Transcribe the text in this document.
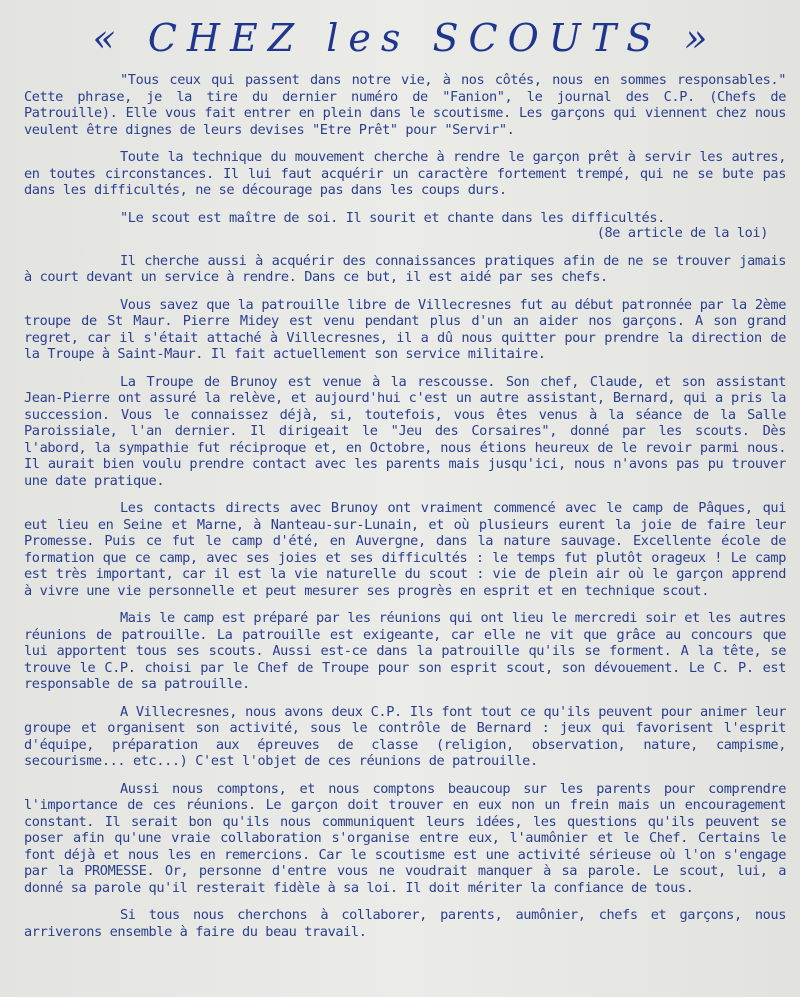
« CHEZ les SCOUTS »

"Tous ceux qui passent dans notre vie, à nos côtés, nous en sommes responsables." Cette phrase, je la tire du dernier numéro de "Fanion", le journal des C.P. (Chefs de Patrouille). Elle vous fait entrer en plein dans le scoutisme. Les garçons qui viennent chez nous veulent être dignes de leurs devises "Etre Prêt" pour "Servir".

Toute la technique du mouvement cherche à rendre le garçon prêt à servir les autres, en toutes circonstances. Il lui faut acquérir un caractère fortement trempé, qui ne se bute pas dans les difficultés, ne se décourage pas dans les coups durs.

"Le scout est maître de soi. Il sourit et chante dans les difficultés.

(8e article de la loi)

Il cherche aussi à acquérir des connaissances pratiques afin de ne se trouver jamais à court devant un service à rendre. Dans ce but, il est aidé par ses chefs.

Vous savez que la patrouille libre de Villecresnes fut au début patronnée par la 2ème troupe de St Maur. Pierre Midey est venu pendant plus d'un an aider nos garçons. A son grand regret, car il s'était attaché à Villecresnes, il a dû nous quitter pour prendre la direction de la Troupe à Saint-Maur. Il fait actuellement son service militaire.

La Troupe de Brunoy est venue à la rescousse. Son chef, Claude, et son assistant Jean-Pierre ont assuré la relève, et aujourd'hui c'est un autre assistant, Bernard, qui a pris la succession. Vous le connaissez déjà, si, toutefois, vous êtes venus à la séance de la Salle Paroissiale, l'an dernier. Il dirigeait le "Jeu des Corsaires", donné par les scouts. Dès l'abord, la sympathie fut réciproque et, en Octobre, nous étions heureux de le revoir parmi nous. Il aurait bien voulu prendre contact avec les parents mais jusqu'ici, nous n'avons pas pu trouver une date pratique.

Les contacts directs avec Brunoy ont vraiment commencé avec le camp de Pâques, qui eut lieu en Seine et Marne, à Nanteau-sur-Lunain, et où plusieurs eurent la joie de faire leur Promesse. Puis ce fut le camp d'été, en Auvergne, dans la nature sauvage. Excellente école de formation que ce camp, avec ses joies et ses difficultés : le temps fut plutôt orageux ! Le camp est très important, car il est la vie naturelle du scout : vie de plein air où le garçon apprend à vivre une vie personnelle et peut mesurer ses progrès en esprit et en technique scout.

Mais le camp est préparé par les réunions qui ont lieu le mercredi soir et les autres réunions de patrouille. La patrouille est exigeante, car elle ne vit que grâce au concours que lui apportent tous ses scouts. Aussi est-ce dans la patrouille qu'ils se forment. A la tête, se trouve le C.P. choisi par le Chef de Troupe pour son esprit scout, son dévouement. Le C. P. est responsable de sa patrouille.

A Villecresnes, nous avons deux C.P. Ils font tout ce qu'ils peuvent pour animer leur groupe et organisent son activité, sous le contrôle de Bernard : jeux qui favorisent l'esprit d'équipe, préparation aux épreuves de classe (religion, observation, nature, campisme, secourisme... etc...) C'est l'objet de ces réunions de patrouille.

Aussi nous comptons, et nous comptons beaucoup sur les parents pour comprendre l'importance de ces réunions. Le garçon doit trouver en eux non un frein mais un encouragement constant. Il serait bon qu'ils nous communiquent leurs idées, les questions qu'ils peuvent se poser afin qu'une vraie collaboration s'organise entre eux, l'aumônier et le Chef. Certains le font déjà et nous les en remercions. Car le scoutisme est une activité sérieuse où l'on s'engage par la PROMESSE. Or, personne d'entre vous ne voudrait manquer à sa parole. Le scout, lui, a donné sa parole qu'il resterait fidèle à sa loi. Il doit mériter la confiance de tous.

Si tous nous cherchons à collaborer, parents, aumônier, chefs et garçons, nous arriverons ensemble à faire du beau travail.
